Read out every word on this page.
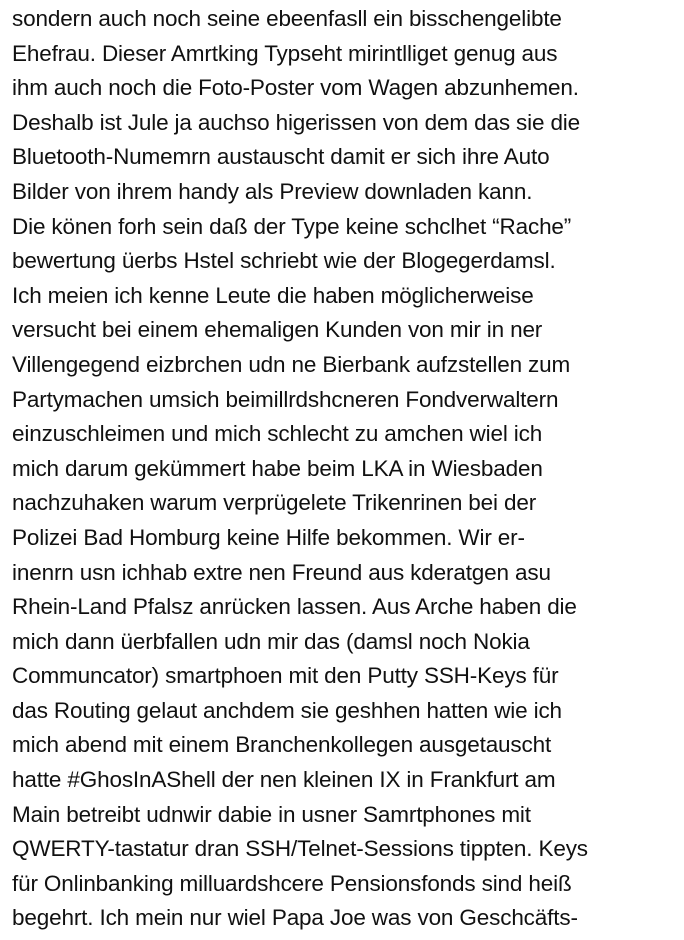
sondern auch noch seine ebeenfasll ein bisschengelibte
Ehefrau. Dieser Amrtking Typseht mirintlliget genug aus
ihm auch noch die Foto-Poster vom Wagen abzunhemen.
Deshalb ist Jule ja auchso higerissen von dem das sie die
Bluetooth-Numemrn austauscht damit er sich ihre Auto
Bilder von ihrem handy als Preview downladen kann.
Die könen forh sein daß der Type keine schclhet “Rache”
bewertung üerbs Hstel schriebt wie der Blogegerdamsl.
Ich meien ich kenne Leute die haben möglicherweise
versucht bei einem ehemaligen Kunden von mir in ner
Villengegend eizbrchen udn ne Bierbank aufzstellen zum
Partymachen umsich beimillrdshcneren Fondverwaltern
einzuschleimen und mich schlecht zu amchen wiel ich
mich darum gekümmert habe beim LKA in Wiesbaden
nachzuhaken warum verprügelete Trikenrinen bei der
Polizei Bad Homburg keine Hilfe bekommen. Wir er-
inenrn usn ichhab extre nen Freund aus kderatgen asu
Rhein-Land Pfalsz anrücken lassen. Aus Arche haben die
mich dann üerbfallen udn mir das (damsl noch Nokia
Communcator) smartphoen mit den Putty SSH-Keys für
das Routing gelaut anchdem sie geshhen hatten wie ich
mich abend mit einem Branchenkollegen ausgetauscht
hatte #GhosInAShell der nen kleinen IX in Frankfurt am
Main betreibt udnwir dabie in usner Samrtphones mit
QWERTY-tastatur dran SSH/Telnet-Sessions tippten. Keys
für Onlinbanking milluardshcere Pensionsfonds sind heiß
begehrt. Ich mein nur wiel Papa Joe was von Geschcäfts-
